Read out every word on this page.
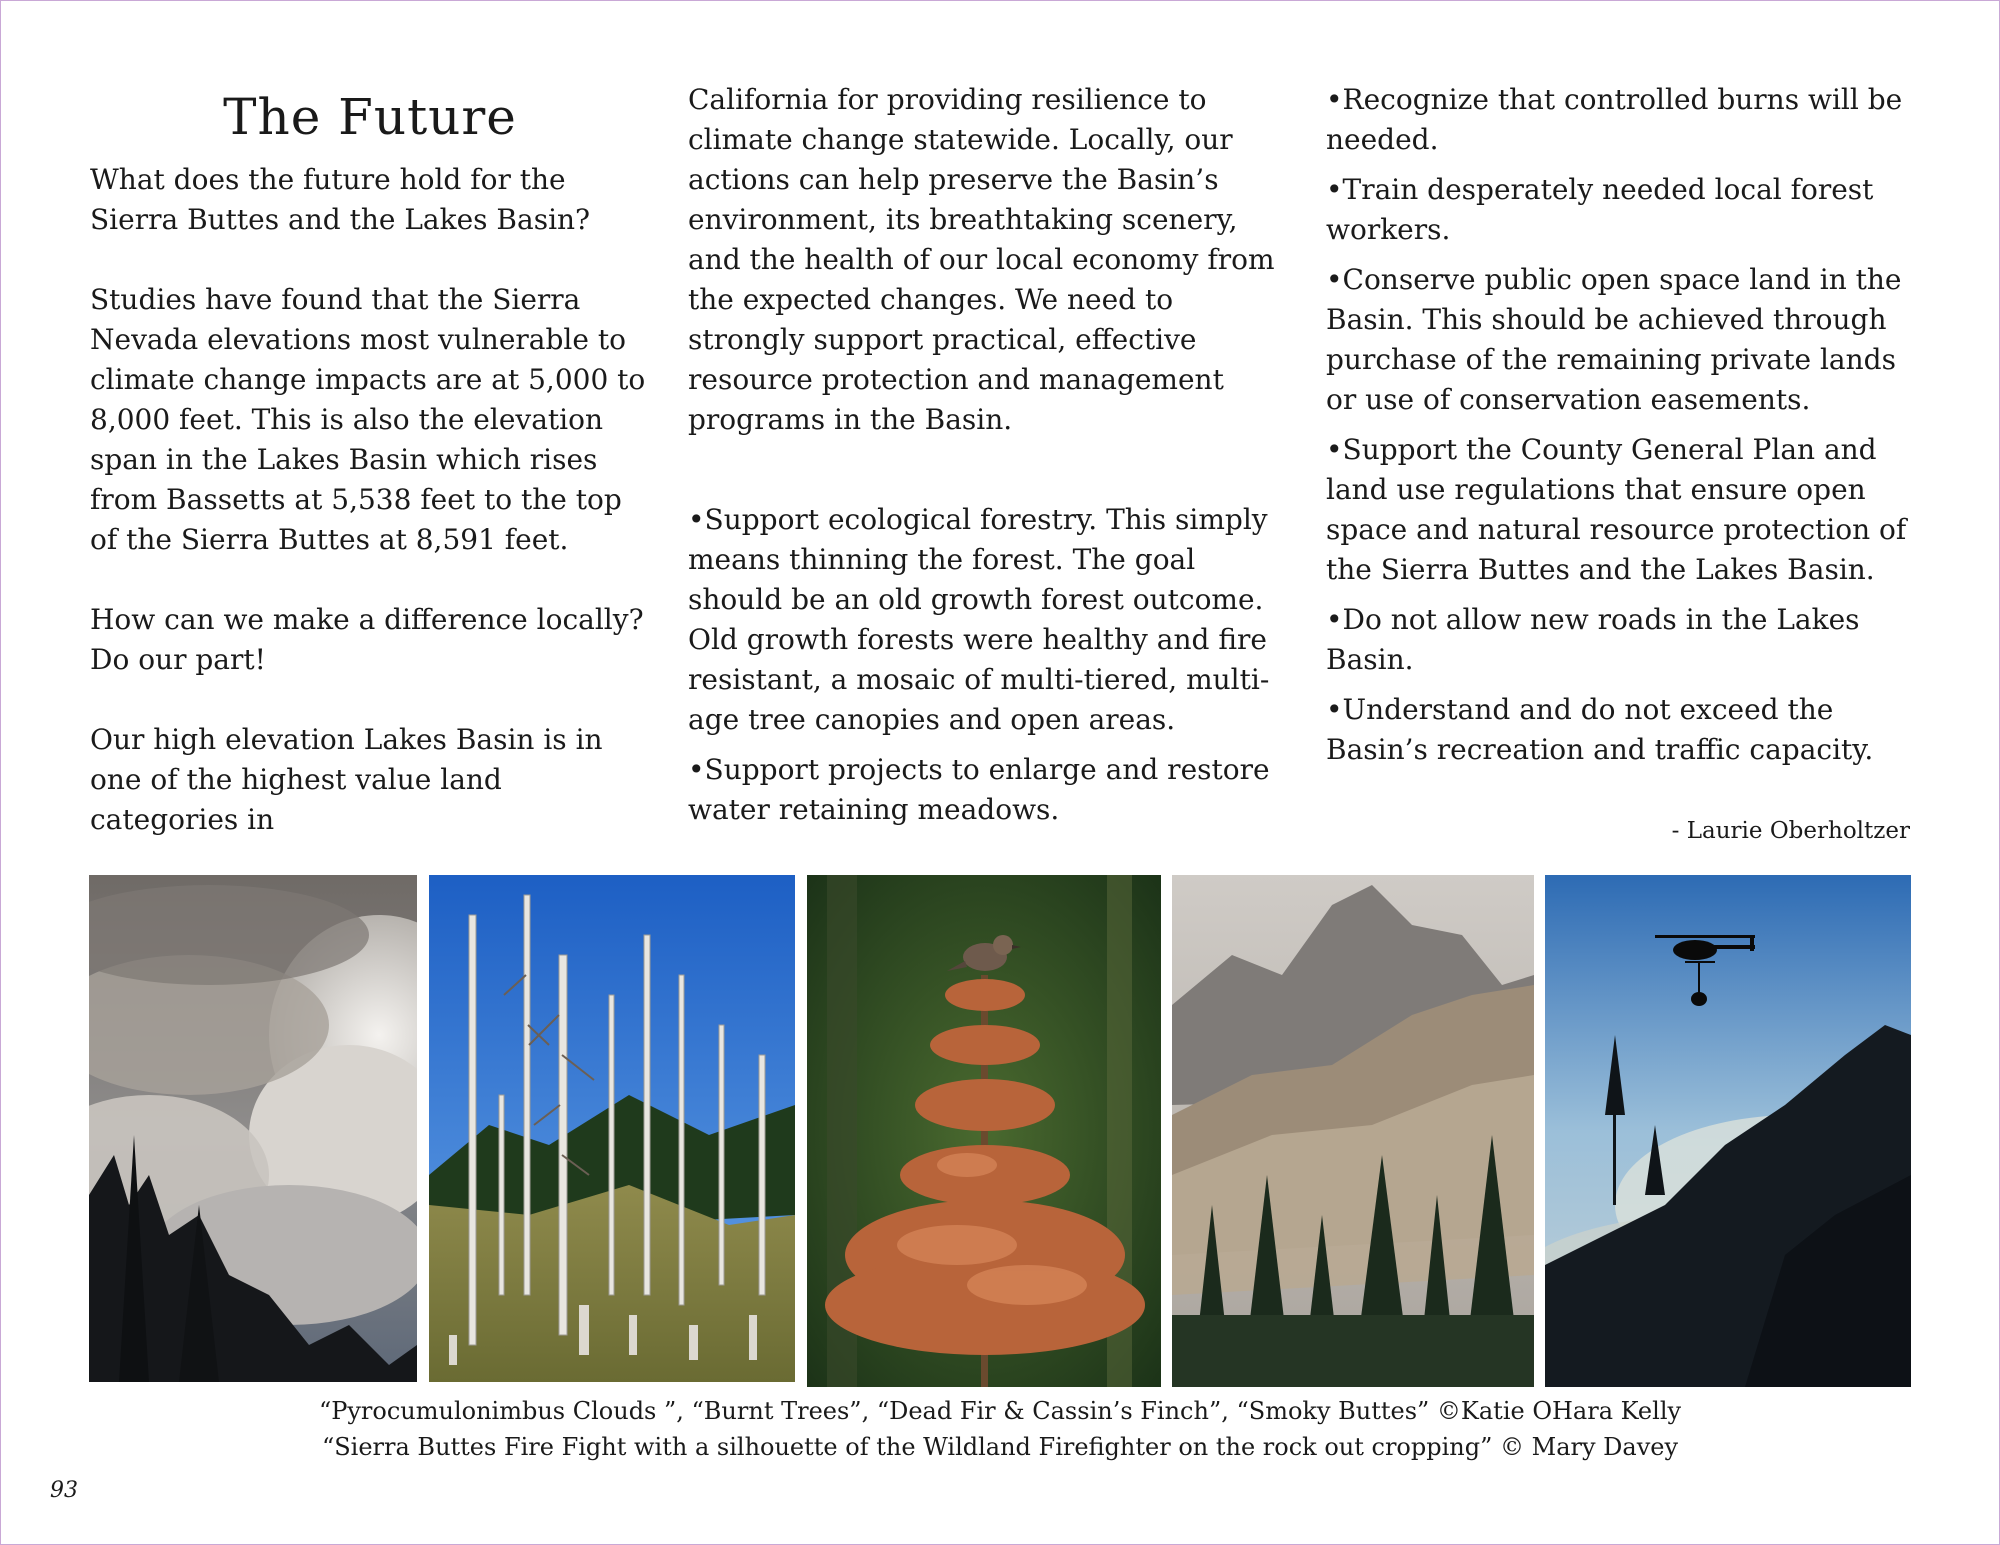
The Future

What does the future hold for the Sierra Buttes and the Lakes Basin?

Studies have found that the Sierra Nevada elevations most vulnerable to climate change impacts are at 5,000 to 8,000 feet. This is also the elevation span in the Lakes Basin which rises from Bassetts at 5,538 feet to the top of the Sierra Buttes at 8,591 feet.

How can we make a difference locally? Do our part!

Our high elevation Lakes Basin is in one of the highest value land categories in

California for providing resilience to climate change statewide. Locally, our actions can help preserve the Basin’s environment, its breathtaking scenery, and the health of our local economy from the expected changes. We need to strongly support practical, effective resource protection and management programs in the Basin.

•Support ecological forestry. This simply means thinning the forest. The goal should be an old growth forest outcome. Old growth forests were healthy and fire resistant, a mosaic of multi-tiered, multi-age tree canopies and open areas.

•Support projects to enlarge and restore water retaining meadows.

•Recognize that controlled burns will be needed.

•Train desperately needed local forest workers.

•Conserve public open space land in the Basin. This should be achieved through purchase of the remaining private lands or use of conservation easements.

•Support the County General Plan and land use regulations that ensure open space and natural resource protection of the Sierra Buttes and the Lakes Basin.

•Do not allow new roads in the Lakes Basin.

•Understand and do not exceed the Basin’s recreation and traffic capacity.

- Laurie Oberholtzer
“Pyrocumulonimbus Clouds ”, “Burnt Trees”, “Dead Fir & Cassin’s Finch”, “Smoky Buttes” ©Katie OHara Kelly
“Sierra Buttes Fire Fight with a silhouette of the Wildland Firefighter on the rock out cropping” © Mary Davey
93
